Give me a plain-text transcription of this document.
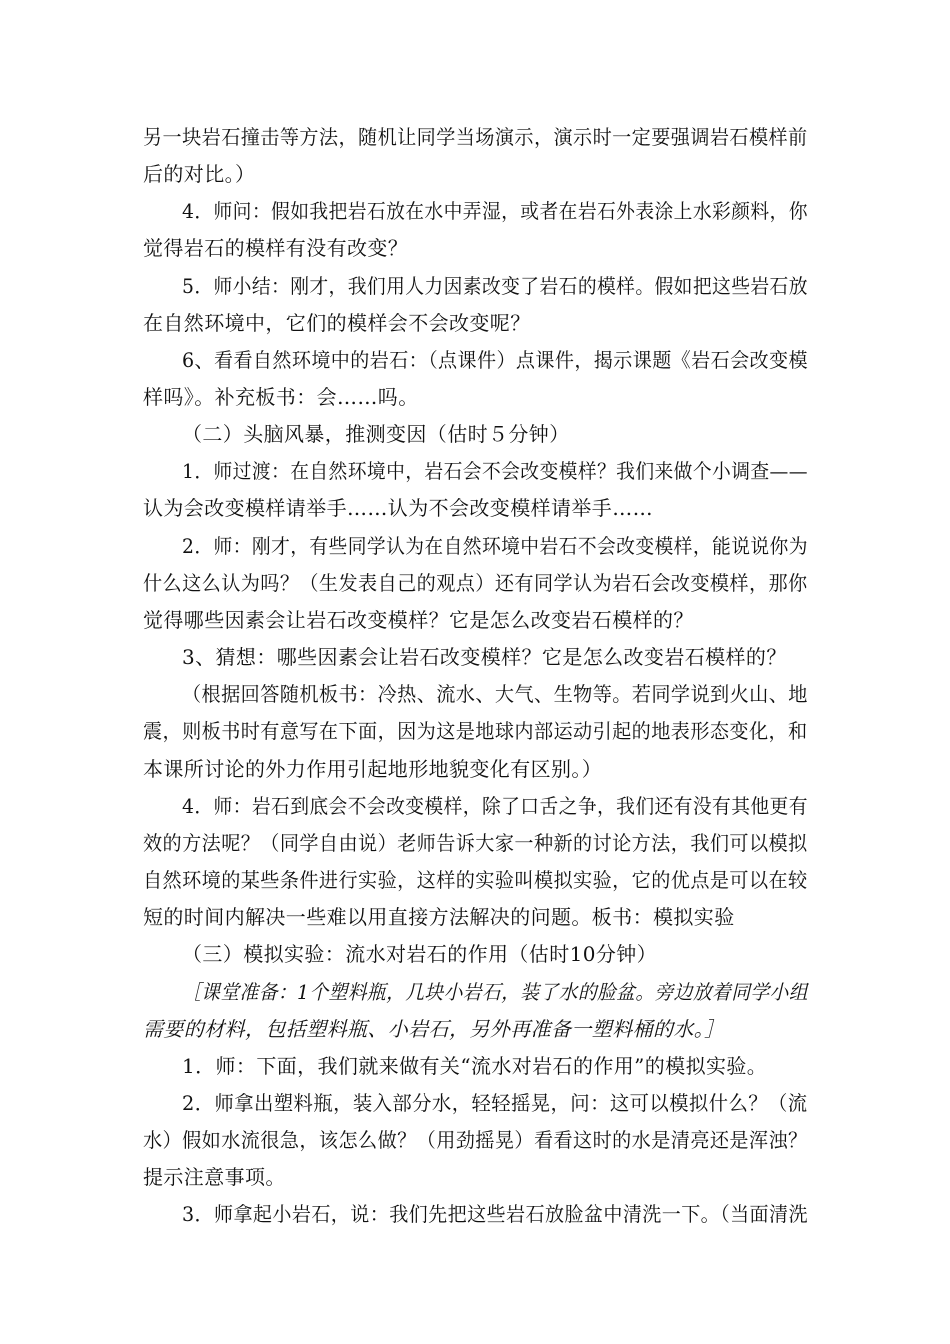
另一块岩石撞击等方法，随机让同学当场演示，演示时一定要强调岩石模样前
后的对比。）
4．师问：假如我把岩石放在水中弄湿，或者在岩石外表涂上水彩颜料，你
觉得岩石的模样有没有改变？
5．师小结：刚才，我们用人力因素改变了岩石的模样。假如把这些岩石放
在自然环境中，它们的模样会不会改变呢？
6、看看自然环境中的岩石：（点课件）点课件，揭示课题《岩石会改变模
样吗》。补充板书：会……吗。
（二）头脑风暴，推测变因（估时５分钟）
1．师过渡：在自然环境中，岩石会不会改变模样？我们来做个小调查——
认为会改变模样请举手……认为不会改变模样请举手……
2．师：刚才，有些同学认为在自然环境中岩石不会改变模样，能说说你为
什么这么认为吗？（生发表自己的观点）还有同学认为岩石会改变模样，那你
觉得哪些因素会让岩石改变模样？它是怎么改变岩石模样的？
3、猜想：哪些因素会让岩石改变模样？它是怎么改变岩石模样的？
（根据回答随机板书：冷热、流水、大气、生物等。若同学说到火山、地
震，则板书时有意写在下面，因为这是地球内部运动引起的地表形态变化，和
本课所讨论的外力作用引起地形地貌变化有区别。）
4．师：岩石到底会不会改变模样，除了口舌之争，我们还有没有其他更有
效的方法呢？（同学自由说）老师告诉大家一种新的讨论方法，我们可以模拟
自然环境的某些条件进行实验，这样的实验叫模拟实验，它的优点是可以在较
短的时间内解决一些难以用直接方法解决的问题。板书：模拟实验
（三）模拟实验：流水对岩石的作用（估时10分钟）
［课堂准备：1个塑料瓶，几块小岩石，装了水的脸盆。旁边放着同学小组
需要的材料，包括塑料瓶、小岩石，另外再准备一塑料桶的水。］
1．师：下面，我们就来做有关“流水对岩石的作用”的模拟实验。
2．师拿出塑料瓶，装入部分水，轻轻摇晃，问：这可以模拟什么？（流
水）假如水流很急，该怎么做？（用劲摇晃）看看这时的水是清亮还是浑浊？
提示注意事项。
3．师拿起小岩石，说：我们先把这些岩石放脸盆中清洗一下。（当面清洗
